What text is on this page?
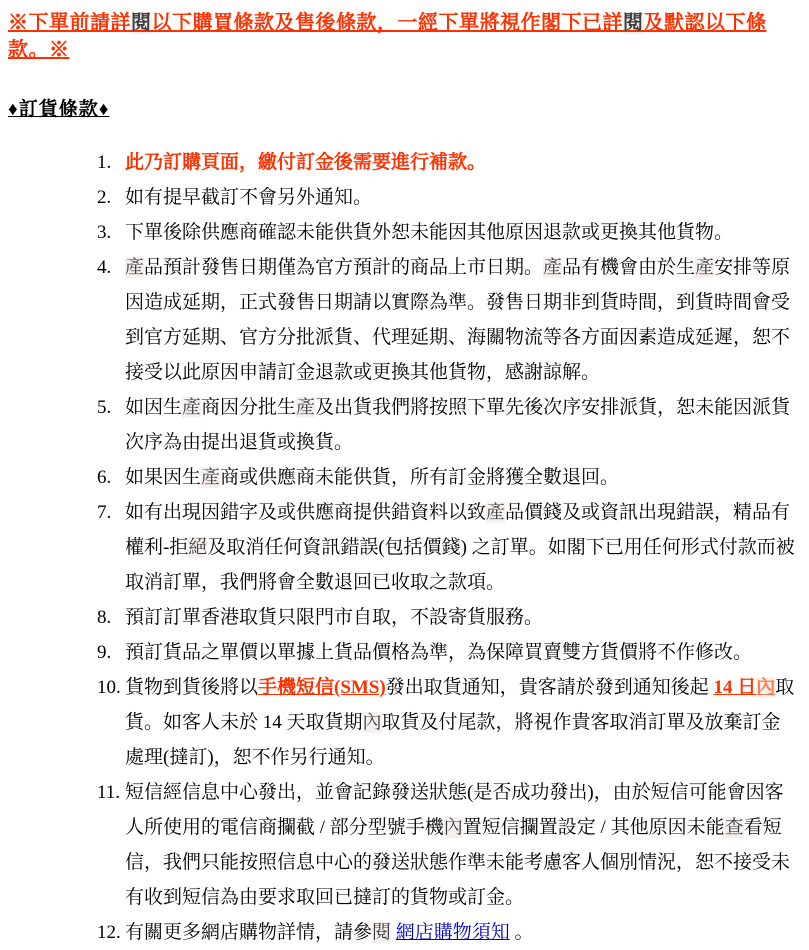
※下單前請詳閱以下購買條款及售後條款，一經下單將視作閣下已詳閱及默認以下條款。※
♦訂貨條款♦
1. 此乃訂購頁面，繳付訂金後需要進行補款。
2. 如有提早截訂不會另外通知。
3. 下單後除供應商確認未能供貨外恕未能因其他原因退款或更換其他貨物。
4. 產品預計發售日期僅為官方預計的商品上市日期。產品有機會由於生產安排等原因造成延期，正式發售日期請以實際為準。發售日期非到貨時間，到貨時間會受到官方延期、官方分批派貨、代理延期、海關物流等各方面因素造成延遲，恕不接受以此原因申請訂金退款或更換其他貨物，感謝諒解。
5. 如因生產商因分批生產及出貨我們將按照下單先後次序安排派貨，恕未能因派貨次序為由提出退貨或換貨。
6. 如果因生產商或供應商未能供貨，所有訂金將獲全數退回。
7. 如有出現因錯字及或供應商提供錯資料以致產品價錢及或資訊出現錯誤，精品有權利-拒絕及取消任何資訊錯誤(包括價錢) 之訂單。如閣下已用任何形式付款而被取消訂單，我們將會全數退回已收取之款項。
8. 預訂訂單香港取貨只限門市自取，不設寄貨服務。
9. 預訂貨品之單價以單據上貨品價格為準，為保障買賣雙方貨價將不作修改。
10. 貨物到貨後將以手機短信(SMS)發出取貨通知，貴客請於發到通知後起 14 日內取貨。如客人未於 14 天取貨期內取貨及付尾款，將視作貴客取消訂單及放棄訂金處理(撻訂)，恕不作另行通知。
11. 短信經信息中心發出，並會記錄發送狀態(是否成功發出)，由於短信可能會因客人所使用的電信商攔截 / 部分型號手機內置短信攔置設定 / 其他原因未能查看短信，我們只能按照信息中心的發送狀態作準未能考慮客人個別情況，恕不接受未有收到短信為由要求取回已撻訂的貨物或訂金。
12. 有關更多網店購物詳情，請參閱 網店購物須知 。
